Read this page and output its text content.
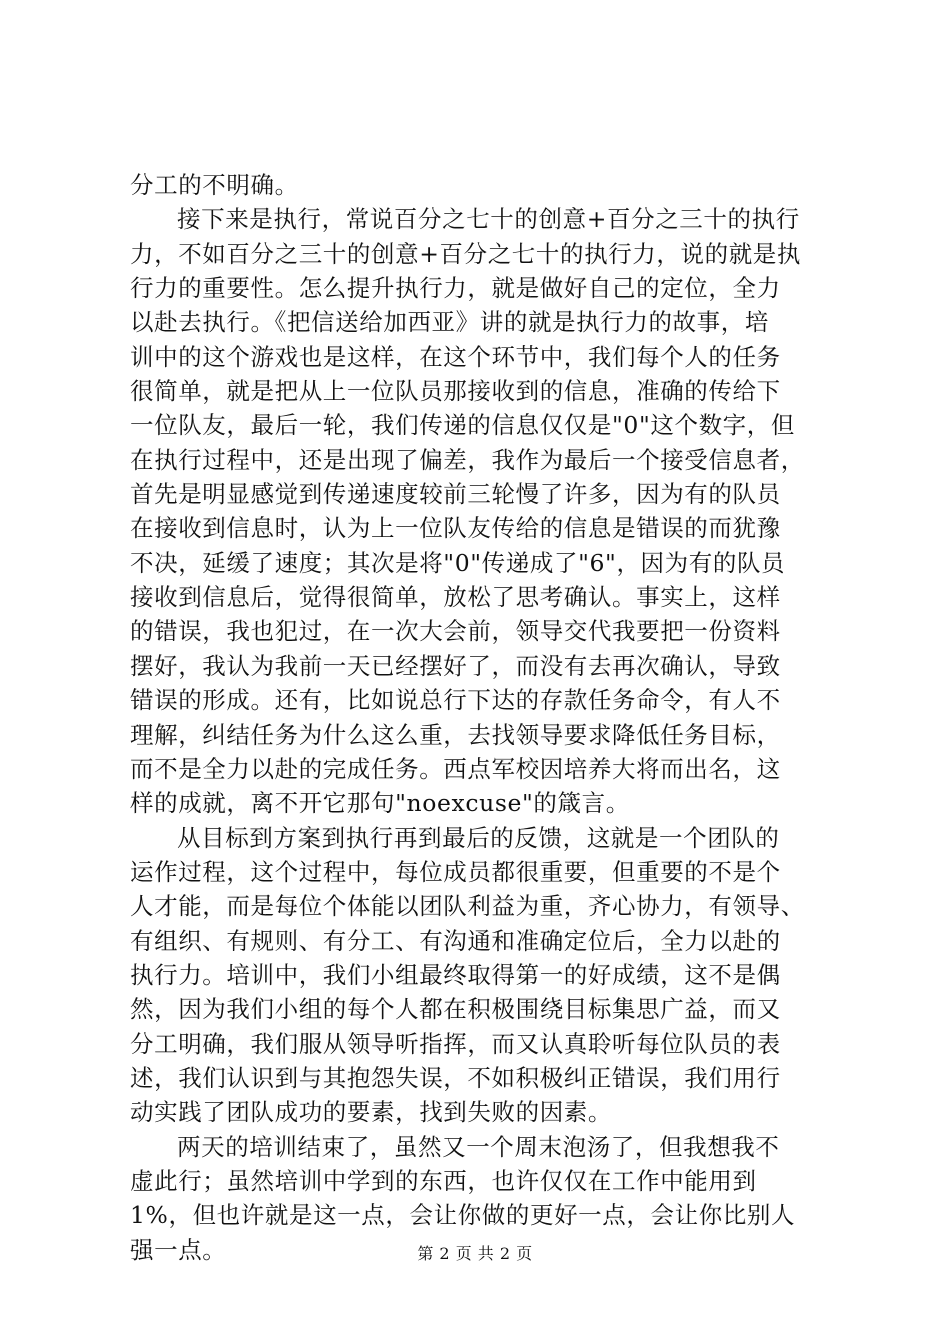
分工的不明确。
接下来是执行，常说百分之七十的创意+百分之三十的执行
力，不如百分之三十的创意+百分之七十的执行力，说的就是执
行力的重要性。怎么提升执行力，就是做好自己的定位，全力
以赴去执行。《把信送给加西亚》讲的就是执行力的故事，培
训中的这个游戏也是这样，在这个环节中，我们每个人的任务
很简单，就是把从上一位队员那接收到的信息，准确的传给下
一位队友，最后一轮，我们传递的信息仅仅是"0"这个数字，但
在执行过程中，还是出现了偏差，我作为最后一个接受信息者，
首先是明显感觉到传递速度较前三轮慢了许多，因为有的队员
在接收到信息时，认为上一位队友传给的信息是错误的而犹豫
不决，延缓了速度；其次是将"0"传递成了"6"，因为有的队员
接收到信息后，觉得很简单，放松了思考确认。事实上，这样
的错误，我也犯过，在一次大会前，领导交代我要把一份资料
摆好，我认为我前一天已经摆好了，而没有去再次确认，导致
错误的形成。还有，比如说总行下达的存款任务命令，有人不
理解，纠结任务为什么这么重，去找领导要求降低任务目标，
而不是全力以赴的完成任务。西点军校因培养大将而出名，这
样的成就，离不开它那句"noexcuse"的箴言。
从目标到方案到执行再到最后的反馈，这就是一个团队的
运作过程，这个过程中，每位成员都很重要，但重要的不是个
人才能，而是每位个体能以团队利益为重，齐心协力，有领导、
有组织、有规则、有分工、有沟通和准确定位后，全力以赴的
执行力。培训中，我们小组最终取得第一的好成绩，这不是偶
然，因为我们小组的每个人都在积极围绕目标集思广益，而又
分工明确，我们服从领导听指挥，而又认真聆听每位队员的表
述，我们认识到与其抱怨失误，不如积极纠正错误，我们用行
动实践了团队成功的要素，找到失败的因素。
两天的培训结束了，虽然又一个周末泡汤了，但我想我不
虚此行；虽然培训中学到的东西，也许仅仅在工作中能用到
1%，但也许就是这一点，会让你做的更好一点，会让你比别人
强一点。	第 2 页 共 2 页
